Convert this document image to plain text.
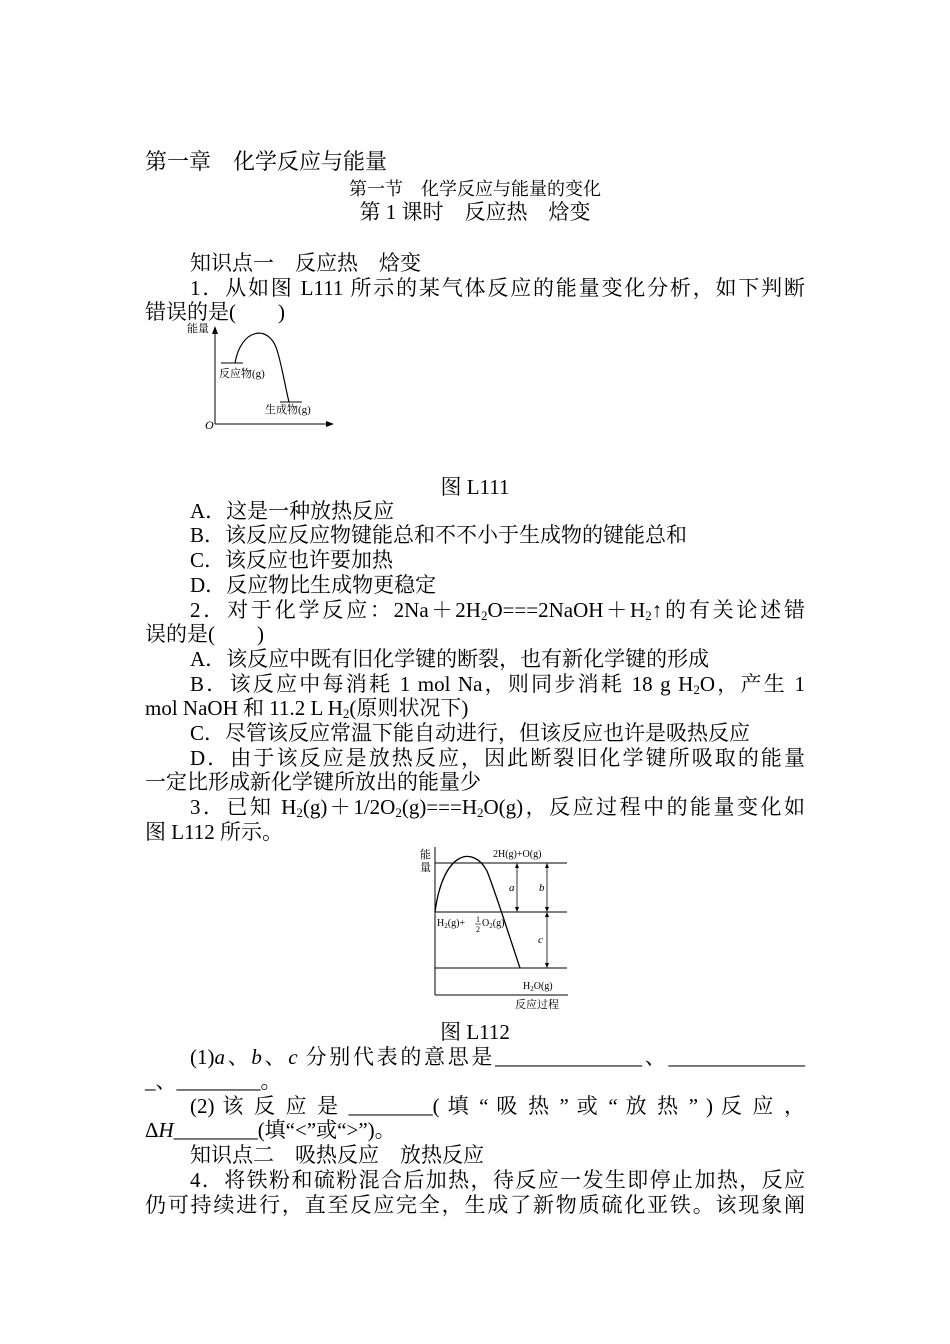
第一章　化学反应与能量
第一节　化学反应与能量的变化
第 1 课时　反应热　焓变
知识点一　反应热　焓变
1．从如图 L111 所示的某气体反应的能量变化分析，如下判断
错误的是(　　)
能量
O
反应物(g)
生成物(g)
图 L111
A．这是一种放热反应
B．该反应反应物键能总和不不小于生成物的键能总和
C．该反应也许要加热
D．反应物比生成物更稳定
2．对于化学反应：$2Na+2H_2O===2NaOH+H_2↑$的有关论述错
误的是(　　)
A．该反应中既有旧化学键的断裂，也有新化学键的形成
B．该反应中每消耗 1 mol Na，则同步消耗 18 g $H_2O$，产生 1
mol NaOH 和 11.2 L $H_2$(原则状况下)
C．尽管该反应常温下能自动进行，但该反应也许是吸热反应
D．由于该反应是放热反应，因此断裂旧化学键所吸取的能量
一定比形成新化学键所放出的能量少
3．已知 $H_2(g)+1/2O_2(g)===H_2O(g)$，反应过程中的能量变化如
图 L112 所示。
能
量
2H(g)+O(g)
$H_2(g)+ 1$
2
$O_2(g)$
$H_2O(g)$
a b
c
反应过程
图 L112
(1)a、b、c 分别代表的意思是______________、_____________
_、________。
(2) 该 反 应 是 ________( 填 “ 吸 热 ” 或 “ 放 热 ” ) 反 应 ，
ΔH________(填“<”或“>”)。
知识点二　吸热反应　放热反应
4．将铁粉和硫粉混合后加热，待反应一发生即停止加热，反应
仍可持续进行，直至反应完全，生成了新物质硫化亚铁。该现象阐
